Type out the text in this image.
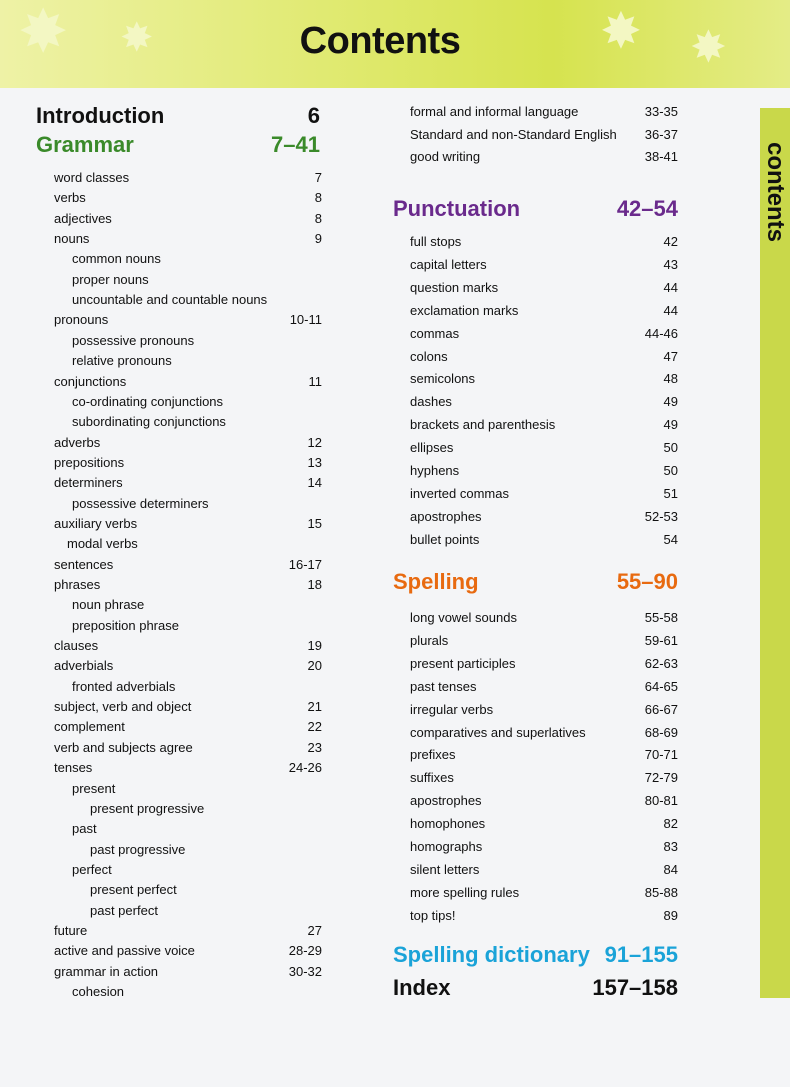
✸ ✸	✸ ✸
Contents
contents
Introduction	6
Grammar	7–41
word classes	7
verbs	8
adjectives	8
nouns	9
common nouns
proper nouns
uncountable and countable nouns
pronouns	10-11
possessive pronouns
relative pronouns
conjunctions	11
co-ordinating conjunctions
subordinating conjunctions
adverbs	12
prepositions	13
determiners	14
possessive determiners
auxiliary verbs	15
modal verbs
sentences	16-17
phrases	18
noun phrase
preposition phrase
clauses	19
adverbials	20
fronted adverbials
subject, verb and object	21
complement	22
verb and subjects agree	23
tenses	24-26
present
present progressive
past
past progressive
perfect
present perfect
past perfect
future	27
active and passive voice	28-29
grammar in action	30-32
cohesion
formal and informal language	33-35
Standard and non-Standard English 36-37
good writing	38-41
Punctuation	42–54
full stops	42
capital letters	43
question marks	44
exclamation marks	44
commas	44-46
colons	47
semicolons	48
dashes	49
brackets and parenthesis	49
ellipses	50
hyphens	50
inverted commas	51
apostrophes	52-53
bullet points	54
Spelling	55–90
long vowel sounds	55-58
plurals	59-61
present participles	62-63
past tenses	64-65
irregular verbs	66-67
comparatives and superlatives	68-69
prefixes	70-71
suffixes	72-79
apostrophes	80-81
homophones	82
homographs	83
silent letters	84
more spelling rules	85-88
top tips!	89
Spelling dictionary 91–155
Index	157–158
